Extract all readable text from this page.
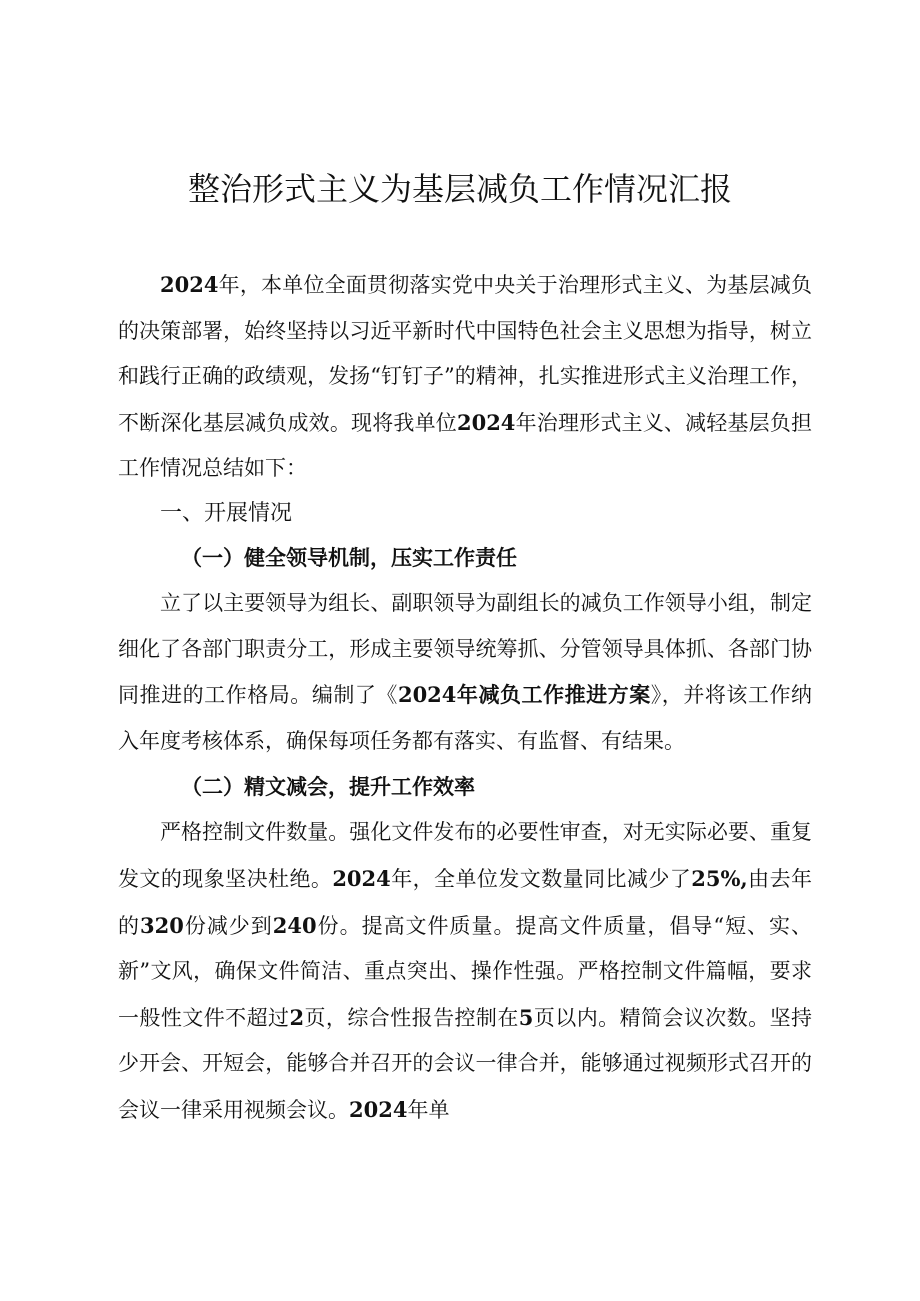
整治形式主义为基层减负工作情况汇报

2024年，本单位全面贯彻落实党中央关于治理形式主义、为基层减负的决策部署，始终坚持以习近平新时代中国特色社会主义思想为指导，树立和践行正确的政绩观，发扬“钉钉子”的精神，扎实推进形式主义治理工作，不断深化基层减负成效。现将我单位2024年治理形式主义、减轻基层负担工作情况总结如下：

一、开展情况

（一）健全领导机制，压实工作责任

立了以主要领导为组长、副职领导为副组长的减负工作领导小组，制定细化了各部门职责分工，形成主要领导统筹抓、分管领导具体抓、各部门协同推进的工作格局。编制了《2024年减负工作推进方案》，并将该工作纳入年度考核体系，确保每项任务都有落实、有监督、有结果。

（二）精文减会，提升工作效率

严格控制文件数量。强化文件发布的必要性审查，对无实际必要、重复发文的现象坚决杜绝。2024年，全单位发文数量同比减少了25%,由去年的320份减少到240份。提高文件质量。提高文件质量，倡导“短、实、新”文风，确保文件简洁、重点突出、操作性强。严格控制文件篇幅，要求一般性文件不超过2页，综合性报告控制在5页以内。精简会议次数。坚持少开会、开短会，能够合并召开的会议一律合并，能够通过视频形式召开的会议一律采用视频会议。2024年单
